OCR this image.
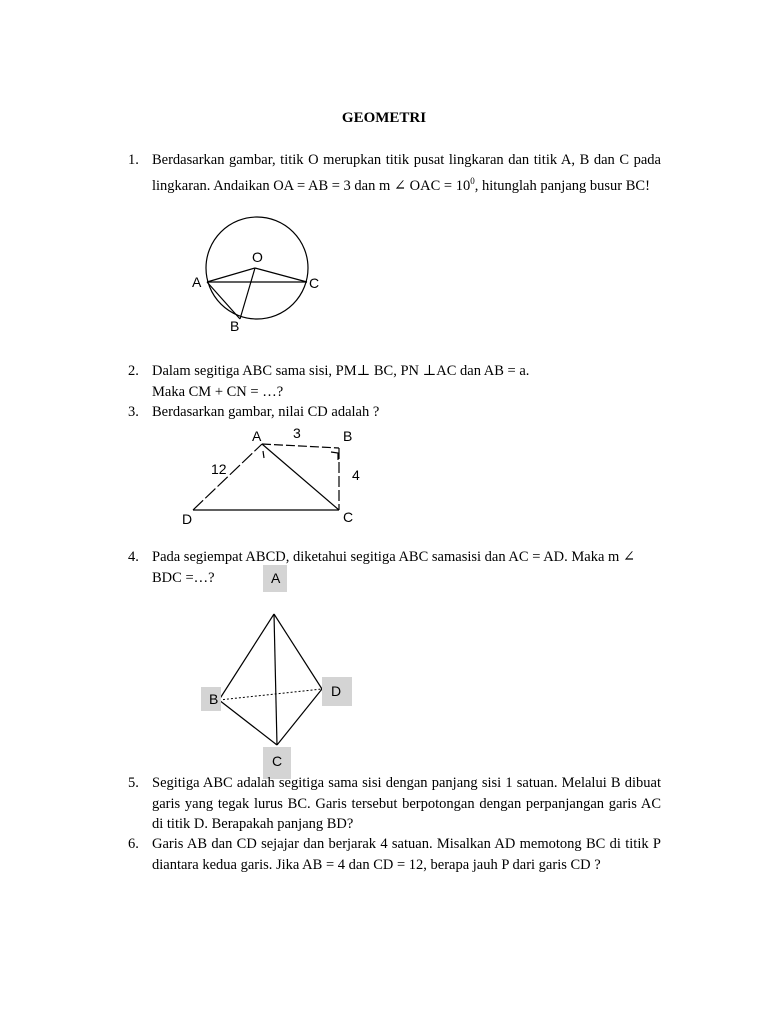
GEOMETRI
1. Berdasarkan gambar, titik O merupkan titik pusat lingkaran dan titik A, B dan C pada lingkaran. Andaikan OA = AB = 3 dan m ∠ OAC = $10^0$, hitunglah panjang busur BC!
O
A	C
B
2. Dalam segitiga ABC sama sisi, PM⊥ BC, PN ⊥AC dan AB = a.
Maka CM + CN = …?
3. Berdasarkan gambar, nilai CD adalah ?
A	B
C
D
3
12	4
4. Pada segiempat ABCD, diketahui segitiga ABC samasisi dan AC = AD. Maka m ∠
BDC =…?	A
B	D
C
5. Segitiga ABC adalah segitiga sama sisi dengan panjang sisi 1 satuan. Melalui B dibuat garis yang tegak lurus BC. Garis tersebut berpotongan dengan perpanjangan garis AC di titik D. Berapakah panjang BD?
6. Garis AB dan CD sejajar dan berjarak 4 satuan. Misalkan AD memotong BC di titik P diantara kedua garis. Jika AB = 4 dan CD = 12, berapa jauh P dari garis CD ?
